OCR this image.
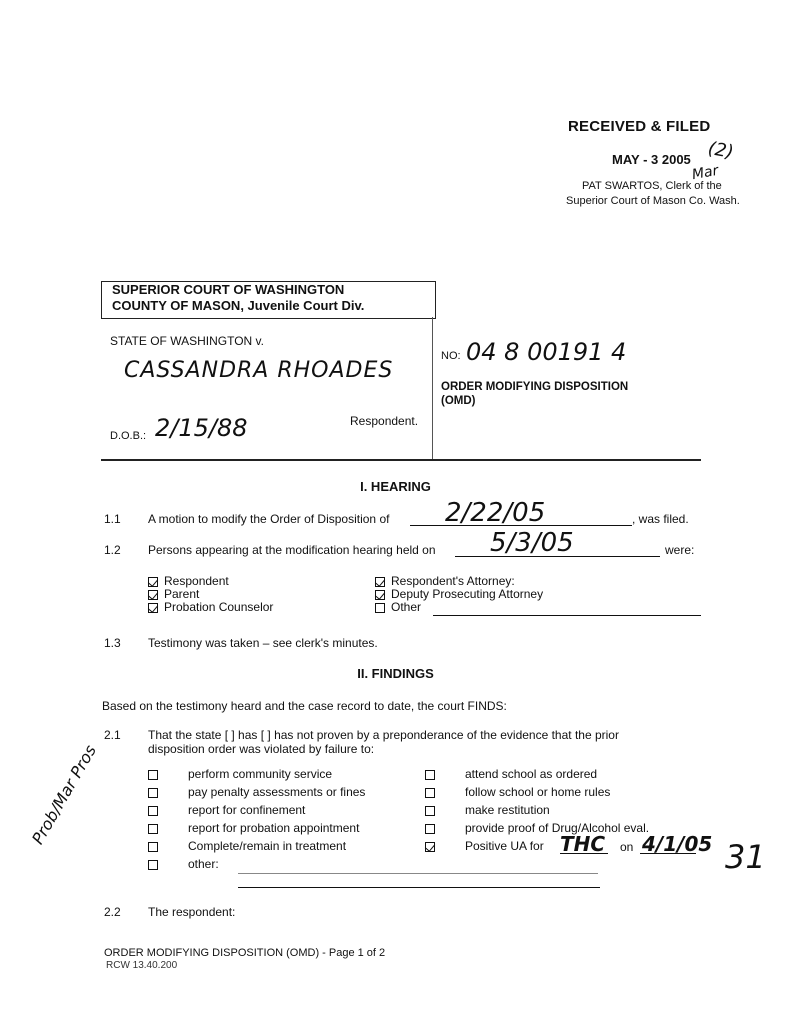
RECEIVED & FILED
MAY - 3 2005
PAT SWARTOS, Clerk of the
Superior Court of Mason Co. Wash.
(2)
Mar
SUPERIOR COURT OF WASHINGTON
COUNTY OF MASON, Juvenile Court Div.
STATE OF WASHINGTON v.
CASSANDRA RHOADES
Respondent.
D.O.B.: 2/15/88
NO: 04 8 00191 4
ORDER MODIFYING DISPOSITION
(OMD)
I. HEARING
1.1 A motion to modify the Order of Disposition of 2/22/05	, was filed.
1.2 Persons appearing at the modification hearing held on 5/3/05	were:
Respondent
Parent
Probation Counselor
Respondent's Attorney:
Deputy Prosecuting Attorney
Other
1.3 Testimony was taken – see clerk's minutes.
II. FINDINGS
Based on the testimony heard and the case record to date, the court FINDS:
2.1 That the state [ ] has [ ] has not proven by a preponderance of the evidence that the prior
disposition order was violated by failure to:
perform community service
pay penalty assessments or fines
report for confinement
report for probation appointment
Complete/remain in treatment
other:
attend school as ordered
follow school or home rules
make restitution
provide proof of Drug/Alcohol eval.
Positive UA for THC on 4/1/05
Prob/Mar Pros
31
2.2 The respondent:
ORDER MODIFYING DISPOSITION (OMD) - Page 1 of 2
RCW 13.40.200
